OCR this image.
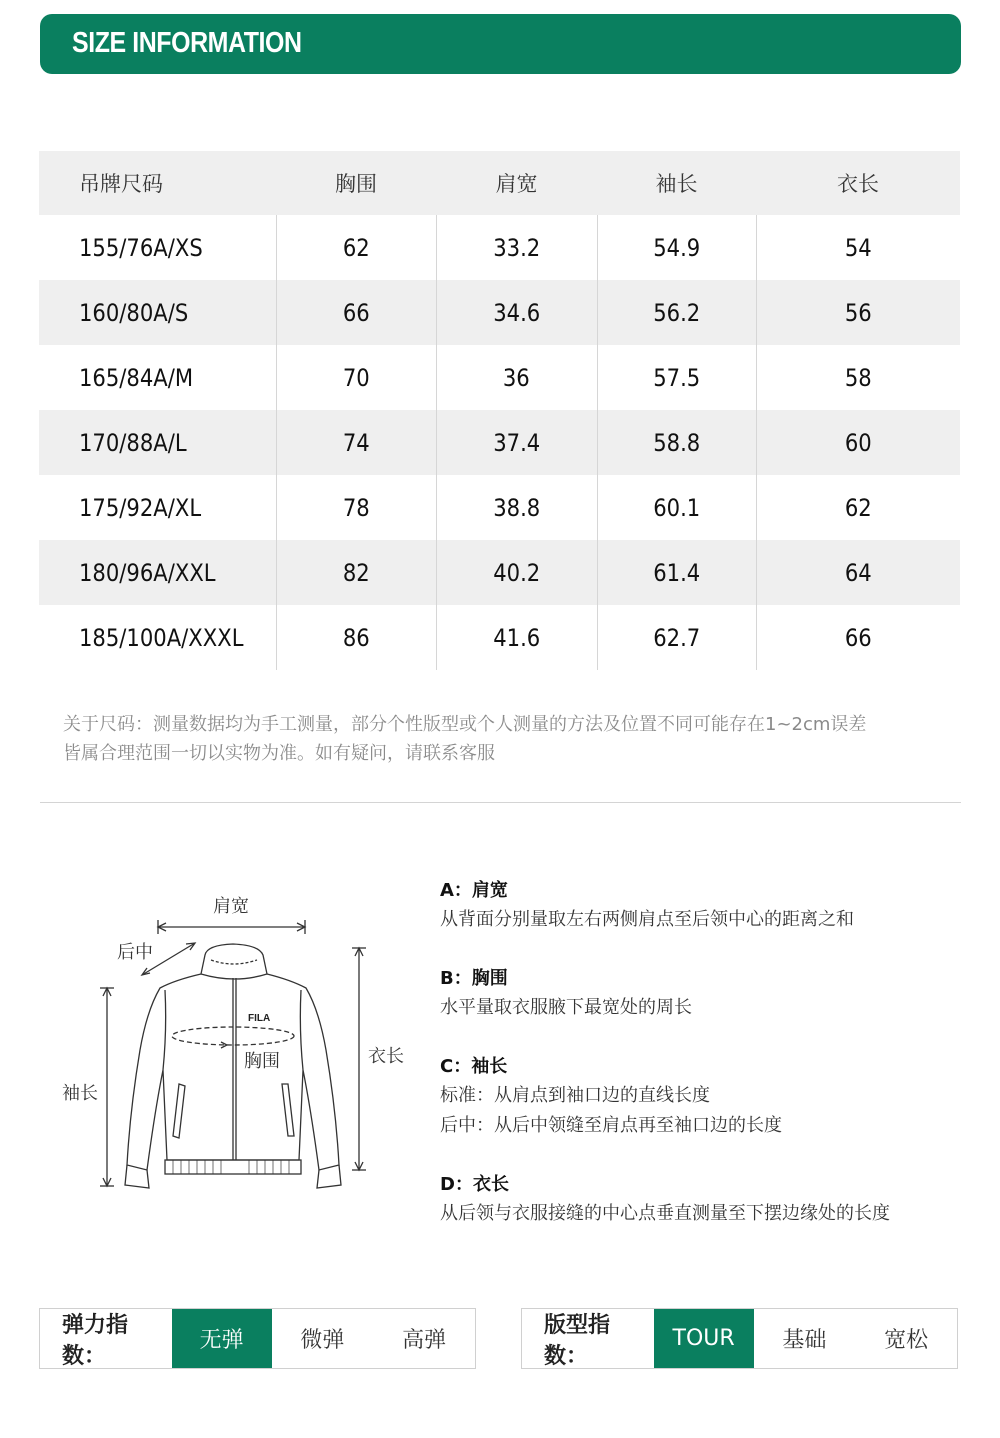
SIZE INFORMATION
吊牌尺码	胸围	肩宽	袖长	衣长
155/76A/XS	62	33.2	54.9	54
160/80A/S	66	34.6	56.2	56
165/84A/M	70	36	57.5	58
170/88A/L	74	37.4	58.8	60
175/92A/XL	78	38.8	60.1	62
180/96A/XXL	82	40.2	61.4	64
185/100A/XXXL	86	41.6	62.7	66

关于尺码：测量数据均为手工测量，部分个性版型或个人测量的方法及位置不同可能存在1~2cm误差
皆属合理范围一切以实物为准。如有疑问，请联系客服

FILA
肩宽
后中
胸围	衣长
袖长
A：肩宽
从背面分别量取左右两侧肩点至后领中心的距离之和
B：胸围
水平量取衣服腋下最宽处的周长
C：袖长
标准：从肩点到袖口边的直线长度
后中：从后中领缝至肩点再至袖口边的长度
D：衣长
从后领与衣服接缝的中心点垂直测量至下摆边缘处的长度
弹力指数：
无弹	微弹	高弹
版型指数：
TOUR	基础	宽松
